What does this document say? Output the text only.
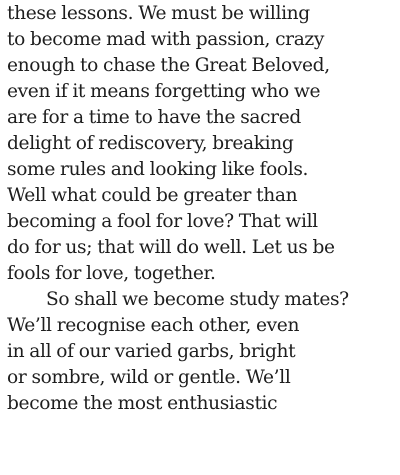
these lessons. We must be willing
to become mad with passion, crazy
enough to chase the Great Beloved,
even if it means forgetting who we
are for a time to have the sacred
delight of rediscovery, breaking
some rules and looking like fools.
Well what could be greater than
becoming a fool for love? That will
do for us; that will do well. Let us be
fools for love, together.
So shall we become study mates?
We’ll recognise each other, even
in all of our varied garbs, bright
or sombre, wild or gentle. We’ll
become the most enthusiastic
